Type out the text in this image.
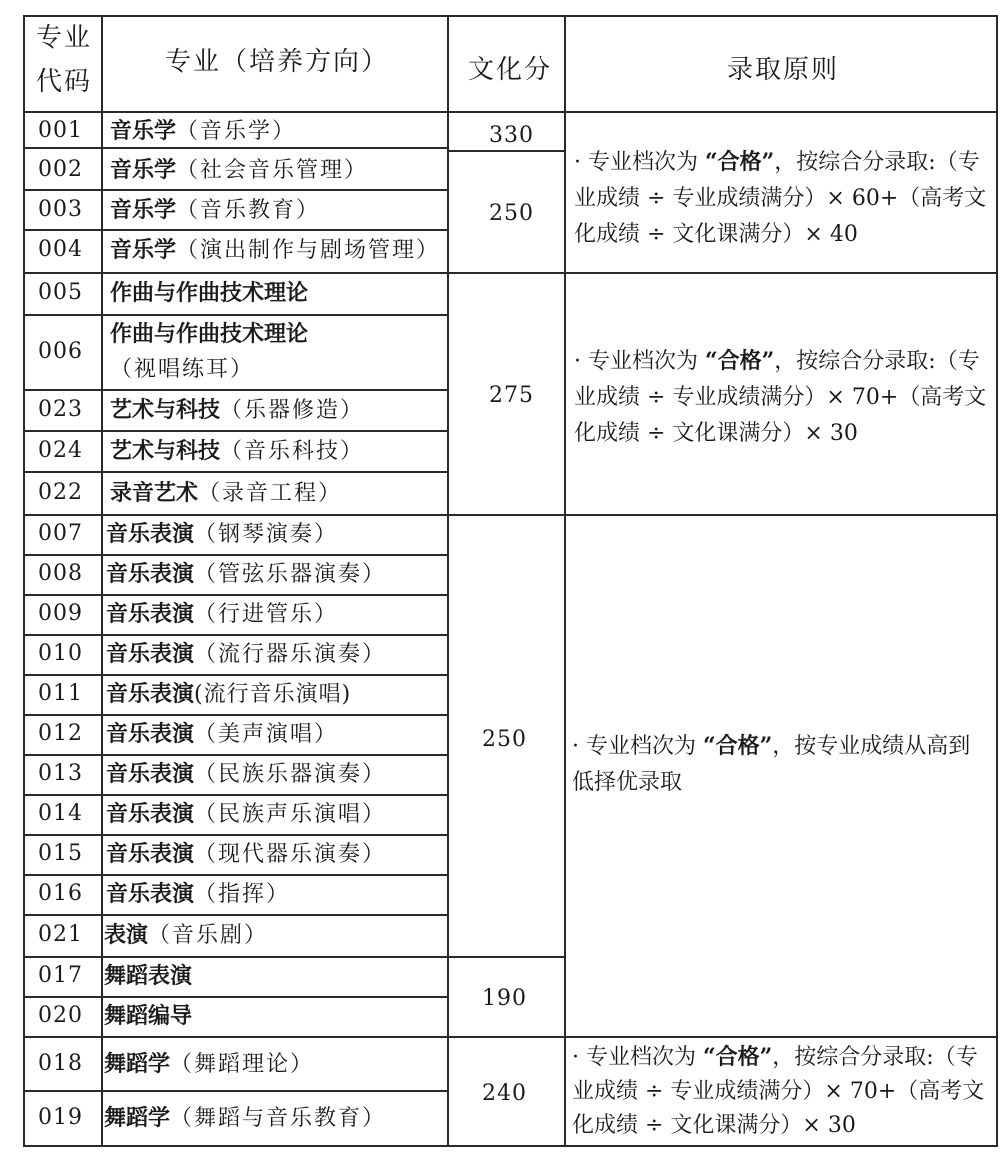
专业
代码
专业（培养方向）	文化分	录取原则
001 音乐学（音乐学）
002 音乐学（社会音乐管理）
003 音乐学（音乐教育）
004 音乐学（演出制作与剧场管理）
005 作曲与作曲技术理论
006
作曲与作曲技术理论
（视唱练耳）
023 艺术与科技（乐器修造）
024 艺术与科技（音乐科技）
022 录音艺术（录音工程）
007 音乐表演（钢琴演奏）
008 音乐表演（管弦乐器演奏）
009 音乐表演（行进管乐）
010 音乐表演（流行器乐演奏）
011 音乐表演(流行音乐演唱)
012 音乐表演（美声演唱）
013 音乐表演（民族乐器演奏）
014 音乐表演（民族声乐演唱）
015 音乐表演（现代器乐演奏）
016 音乐表演（指挥）
021 表演（音乐剧）
017 舞蹈表演
020 舞蹈编导
018 舞蹈学（舞蹈理论）
019 舞蹈学（舞蹈与音乐教育）
330
250
275
250
190
240
· 专业档次为 “合格”，按综合分录取:（专业成绩 ÷ 专业成绩满分）× 60+（高考文化成绩 ÷ 文化课满分）× 40
· 专业档次为 “合格”，按综合分录取:（专业成绩 ÷ 专业成绩满分）× 70+（高考文化成绩 ÷ 文化课满分）× 30
· 专业档次为 “合格”，按专业成绩从高到低择优录取
· 专业档次为 “合格”，按综合分录取:（专业成绩 ÷ 专业成绩满分）× 70+（高考文化成绩 ÷ 文化课满分）× 30
